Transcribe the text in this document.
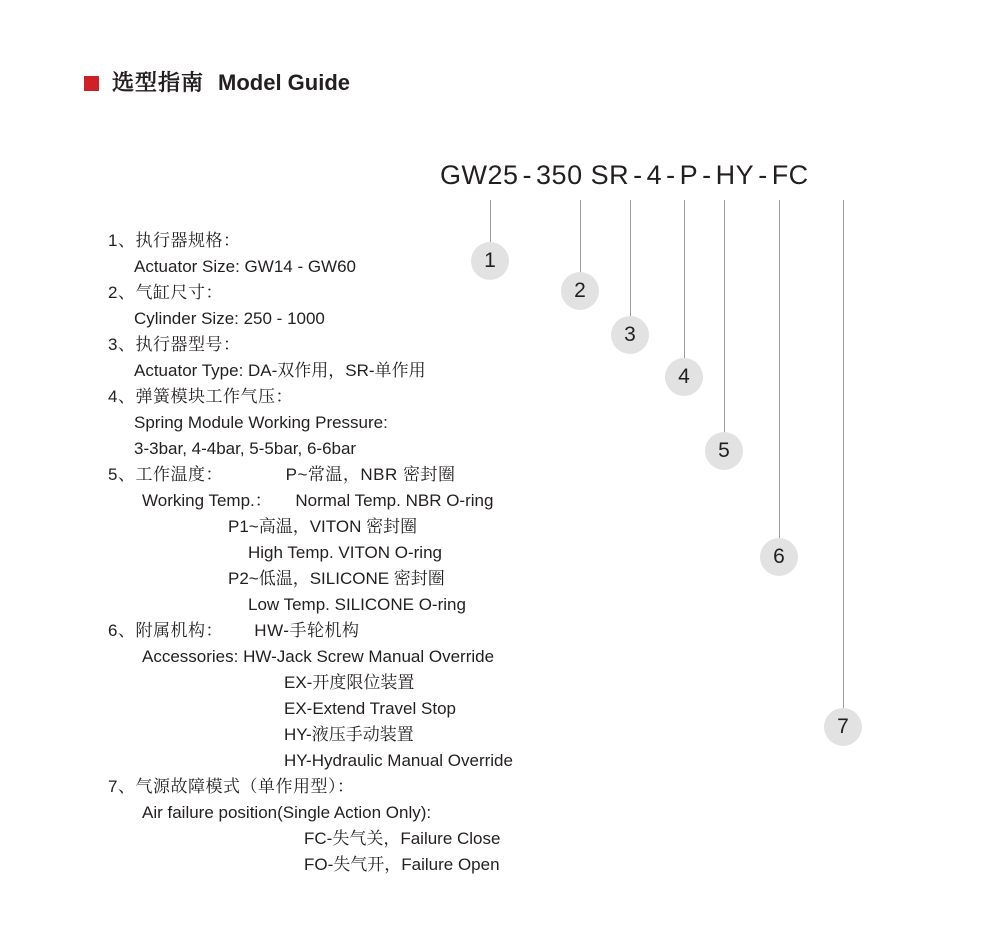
选型指南 Model Guide
GW25 - 350 SR - 4 - P - HY - FC
1
2
3
4
5
6
7
1、执行器规格：
Actuator Size: GW14 - GW60
2、气缸尺寸：
Cylinder Size: 250 - 1000
3、执行器型号：
Actuator Type: DA-双作用，SR-单作用
4、弹簧模块工作气压：
Spring Module Working Pressure:
3-3bar, 4-4bar, 5-5bar, 6-6bar
5、工作温度：            P~常温，NBR 密封圈
Working Temp.：     Normal Temp. NBR O-ring
P1~高温，VITON 密封圈
High Temp. VITON O-ring
P2~低温，SILICONE 密封圈
Low Temp. SILICONE O-ring
6、附属机构：      HW-手轮机构
Accessories: HW-Jack Screw Manual Override
EX-开度限位装置
EX-Extend Travel Stop
HY-液压手动装置
HY-Hydraulic Manual Override
7、气源故障模式（单作用型）：
Air failure position(Single Action Only):
FC-失气关，Failure Close
FO-失气开，Failure Open
